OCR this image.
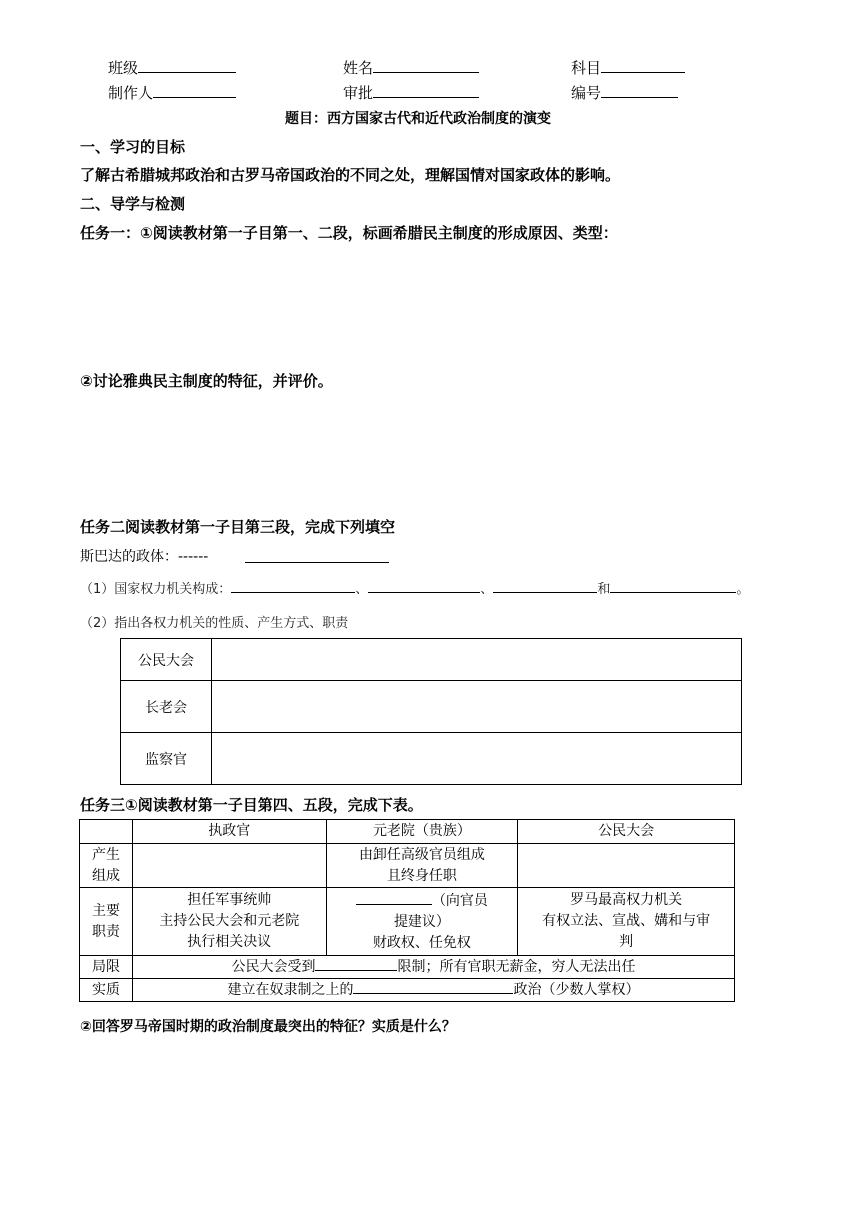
班级	姓名	科目
制作人	审批	编号
题目：西方国家古代和近代政治制度的演变
一、学习的目标
了解古希腊城邦政治和古罗马帝国政治的不同之处，理解国情对国家政体的影响。
二、导学与检测
任务一：①阅读教材第一子目第一、二段，标画希腊民主制度的形成原因、类型：
②讨论雅典民主制度的特征，并评价。
任务二阅读教材第一子目第三段，完成下列填空
斯巴达的政体：------
（1）国家权力机关构成：	、	、	和	。
（2）指出各权力机关的性质、产生方式、职责
公民大会	
长老会	
监察官	
任务三①阅读教材第一子目第四、五段，完成下表。
	执政官	元老院（贵族）	公民大会
产生
组成		由卸任高级官员组成
且终身任职	
主要
职责	担任军事统帅
主持公民大会和元老院
执行相关决议	（向官员
提建议）
财政权、任免权	罗马最高权力机关
有权立法、宣战、媾和与审
判
局限	公民大会受到 限制；所有官职无薪金，穷人无法出任		
实质	建立在奴隶制之上的 政治（少数人掌权）		
②回答罗马帝国时期的政治制度最突出的特征？实质是什么？
